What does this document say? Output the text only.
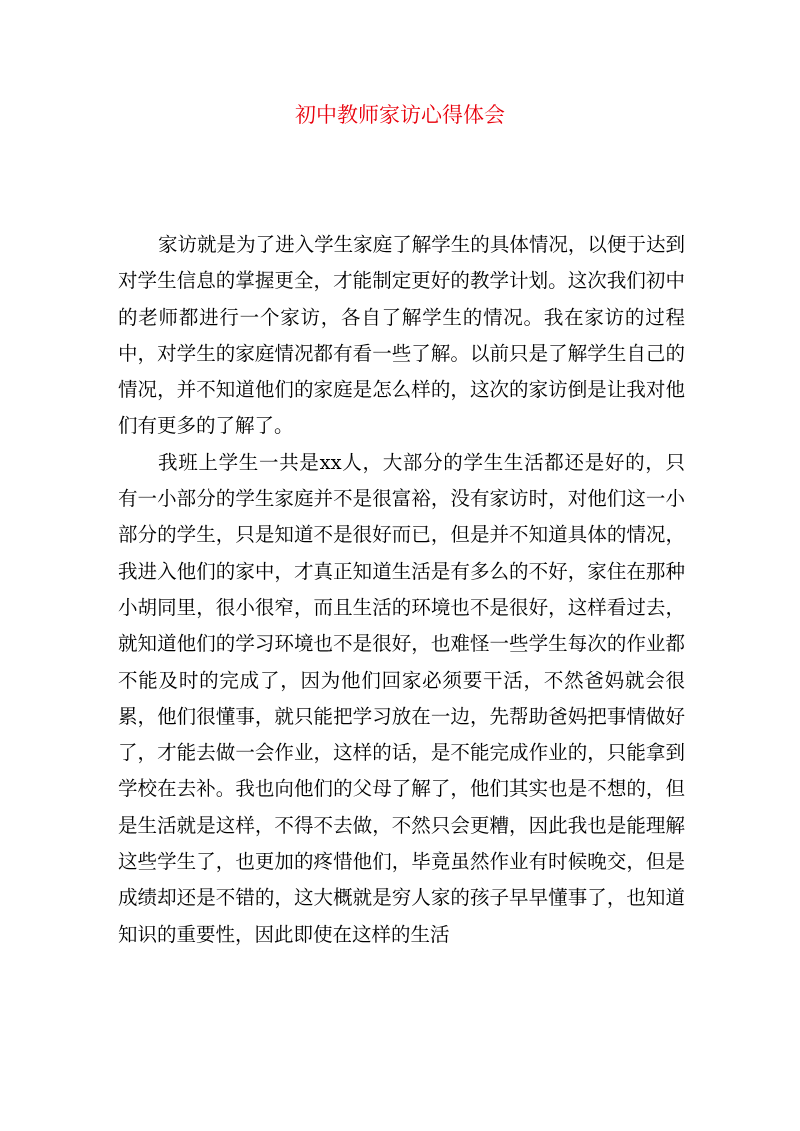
初中教师家访心得体会

家访就是为了进入学生家庭了解学生的具体情况，以便于达到对学生信息的掌握更全，才能制定更好的教学计划。这次我们初中的老师都进行一个家访，各自了解学生的情况。我在家访的过程中，对学生的家庭情况都有看一些了解。以前只是了解学生自己的情况，并不知道他们的家庭是怎么样的，这次的家访倒是让我对他们有更多的了解了。

我班上学生一共是xx人，大部分的学生生活都还是好的，只有一小部分的学生家庭并不是很富裕，没有家访时，对他们这一小部分的学生，只是知道不是很好而已，但是并不知道具体的情况，我进入他们的家中，才真正知道生活是有多么的不好，家住在那种小胡同里，很小很窄，而且生活的环境也不是很好，这样看过去，就知道他们的学习环境也不是很好，也难怪一些学生每次的作业都不能及时的完成了，因为他们回家必须要干活，不然爸妈就会很累，他们很懂事，就只能把学习放在一边，先帮助爸妈把事情做好了，才能去做一会作业，这样的话，是不能完成作业的，只能拿到学校在去补。我也向他们的父母了解了，他们其实也是不想的，但是生活就是这样，不得不去做，不然只会更糟，因此我也是能理解这些学生了，也更加的疼惜他们，毕竟虽然作业有时候晚交，但是成绩却还是不错的，这大概就是穷人家的孩子早早懂事了，也知道知识的重要性，因此即使在这样的生活
